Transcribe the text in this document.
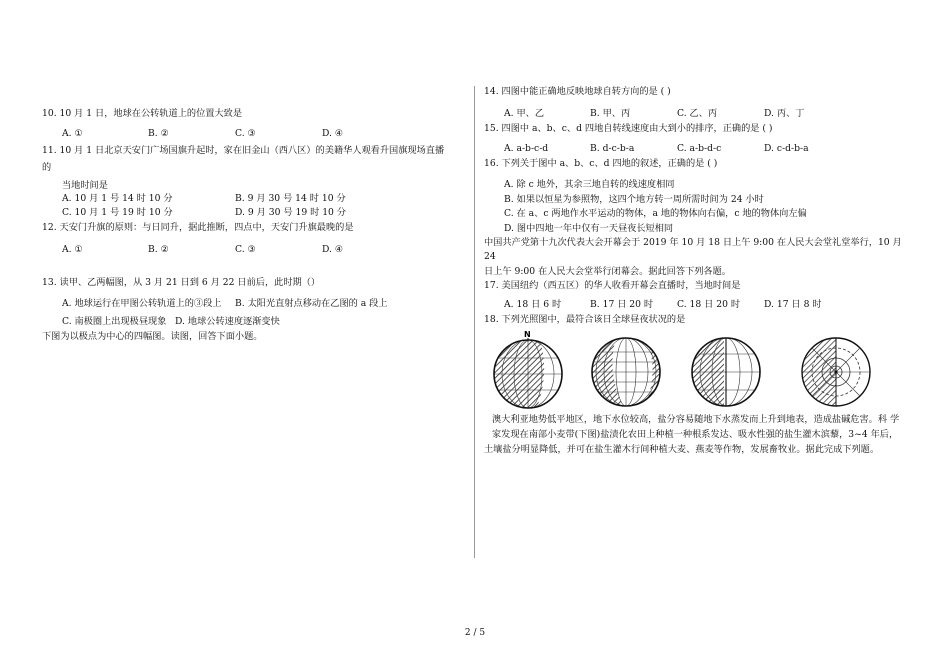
10. 10 月 1 日，地球在公转轨道上的位置大致是
A. ①	B. ②	C. ③	D. ④
11. 10 月 1 日北京天安门广场国旗升起时，家在旧金山（西八区）的美籍华人观看升国旗现场直播
的
当地时间是
A. 10 月 1 号 14 时 10 分	B. 9 月 30 号 14 时 10 分
C. 10 月 1 号 19 时 10 分	D. 9 月 30 号 19 时 10 分
12. 天安门升旗的原则：与日同升，据此推断，四点中，天安门升旗最晚的是
A. ①	B. ②	C. ③	D. ④
13. 读甲、乙两幅图，从 3 月 21 日到 6 月 22 日前后，此时期（）
A. 地球运行在甲图公转轨道上的③段上 B. 太阳光直射点移动在乙图的 a 段上
C. 南极圈上出现极昼现象 D. 地球公转速度逐渐变快
下图为以极点为中心的四幅图。读图，回答下面小题。
14. 四图中能正确地反映地球自转方向的是 ( )
A. 甲、乙	B. 甲、丙	C. 乙、丙	D. 丙、丁
15. 四图中 a、b、c、d 四地自转线速度由大到小的排序，正确的是 ( )
A. a-b-c-d	B. d-c-b-a	C. a-b-d-c	D. c-d-b-a
16. 下列关于图中 a、b、c、d 四地的叙述，正确的是 ( )
A. 除 c 地外，其余三地自转的线速度相同
B. 如果以恒星为参照物，这四个地方转一周所需时间为 24 小时
C. 在 a、c 两地作水平运动的物体，a 地的物体向右偏，c 地的物体向左偏
D. 图中四地一年中仅有一天昼夜长短相同
中国共产党第十九次代表大会开幕会于 2019 年 10 月 18 日上午 9:00 在人民大会堂礼堂举行，10 月
24
日上午 9:00 在人民大会堂举行闭幕会。据此回答下列各题。
17. 美国纽约（西五区）的华人收看开幕会直播时，当地时间是
A. 18 日 6 时	B. 17 日 20 时	C. 18 日 20 时	D. 17 日 8 时
18. 下列光照图中，最符合该日全球昼夜状况的是
N
澳大利亚地势低平地区，地下水位较高，盐分容易随地下水蒸发而上升到地表，造成盐碱危害。科 学
家发现在南部小麦带(下图)盐渍化农田上种植一种根系发达、吸水性强的盐生灌木滨藜，3~4 年后，
土壤盐分明显降低，并可在盐生灌木行间种植大麦、燕麦等作物，发展畜牧业。据此完成下列题。
2 / 5
